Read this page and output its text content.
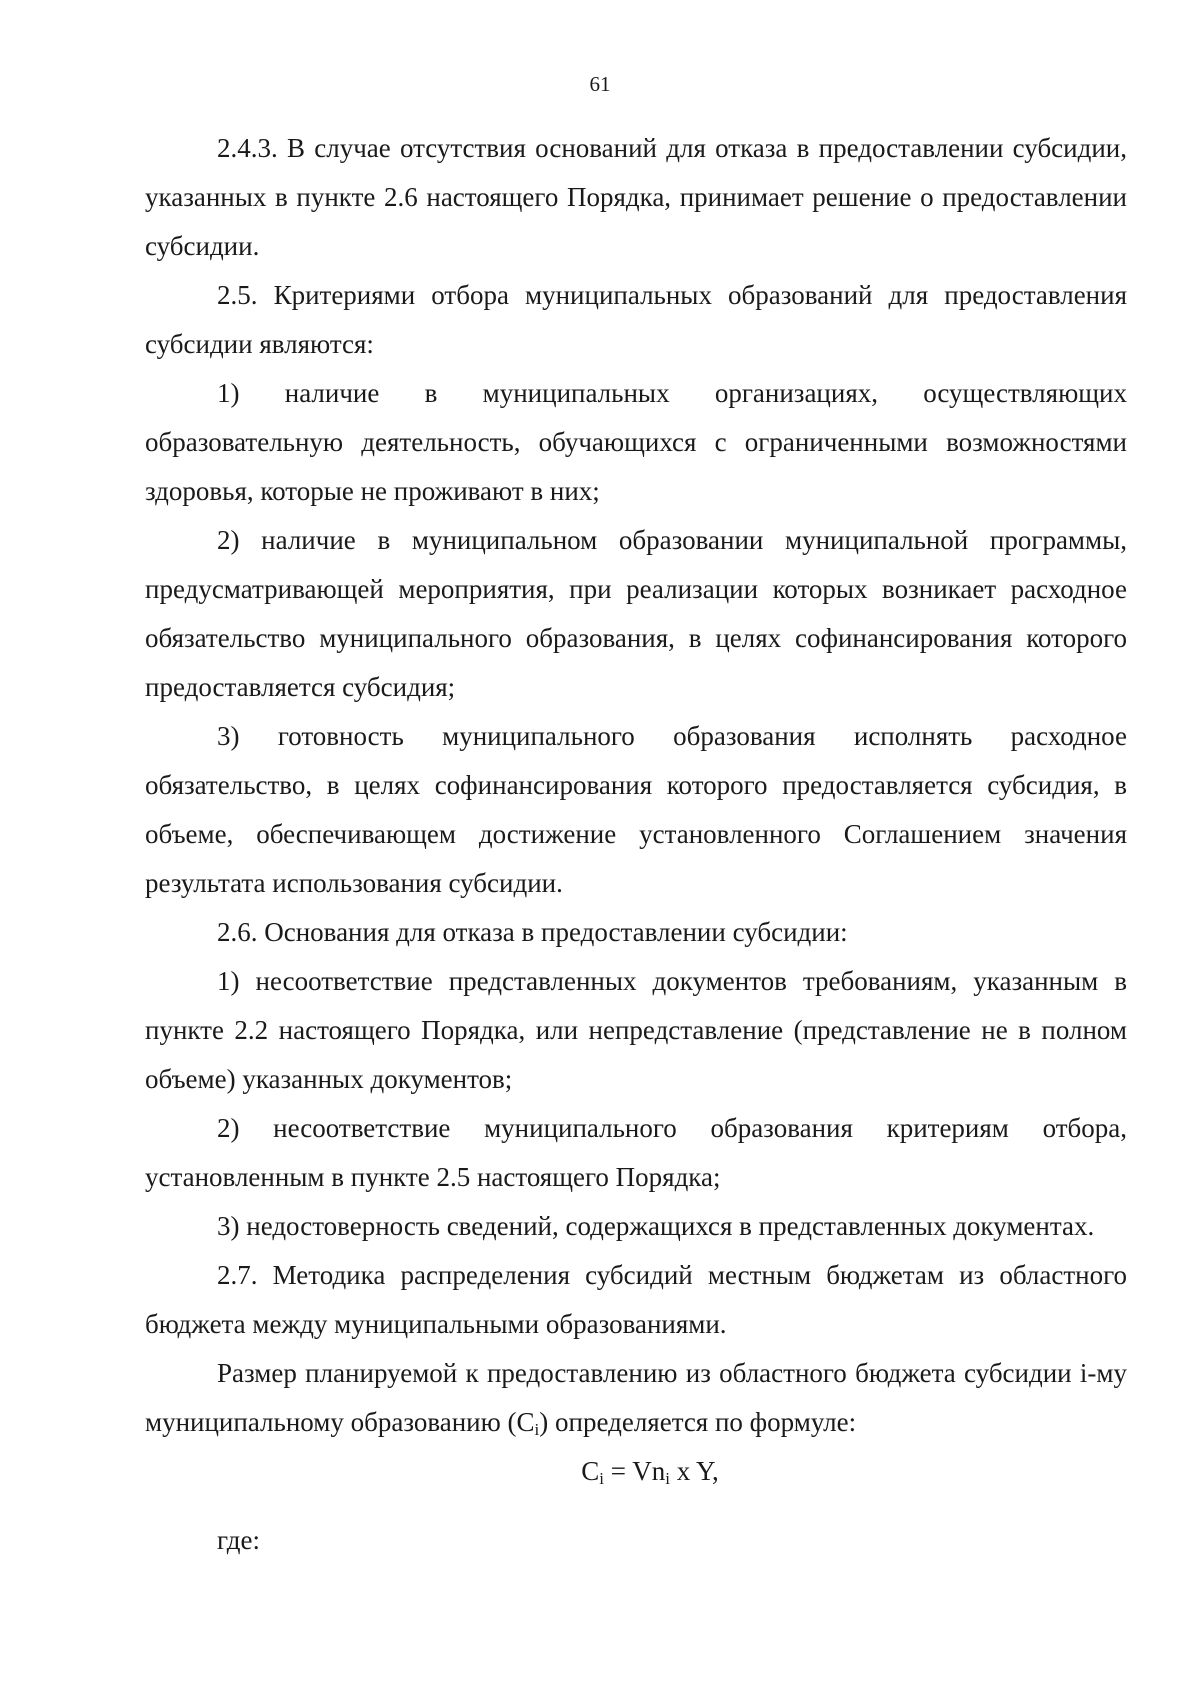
61

2.4.3. В случае отсутствия оснований для отказа в предоставлении субсидии, указанных в пункте 2.6 настоящего Порядка, принимает решение о предоставлении субсидии.

2.5. Критериями отбора муниципальных образований для предоставления субсидии являются:

1) наличие в муниципальных организациях, осуществляющих образовательную деятельность, обучающихся с ограниченными возможностями здоровья, которые не проживают в них;

2) наличие в муниципальном образовании муниципальной программы, предусматривающей мероприятия, при реализации которых возникает расходное обязательство муниципального образования, в целях софинансирования которого предоставляется субсидия;

3) готовность муниципального образования исполнять расходное обязательство, в целях софинансирования которого предоставляется субсидия, в объеме, обеспечивающем достижение установленного Соглашением значения результата использования субсидии.

2.6. Основания для отказа в предоставлении субсидии:

1) несоответствие представленных документов требованиям, указанным в пункте 2.2 настоящего Порядка, или непредставление (представление не в полном объеме) указанных документов;

2) несоответствие муниципального образования критериям отбора, установленным в пункте 2.5 настоящего Порядка;

3) недостоверность сведений, содержащихся в представленных документах.

2.7. Методика распределения субсидий местным бюджетам из областного бюджета между муниципальными образованиями.

Размер планируемой к предоставлению из областного бюджета субсидии i-му муниципальному образованию (Ci) определяется по формуле:

$C_i = Vn_i$ x Y,

где:
